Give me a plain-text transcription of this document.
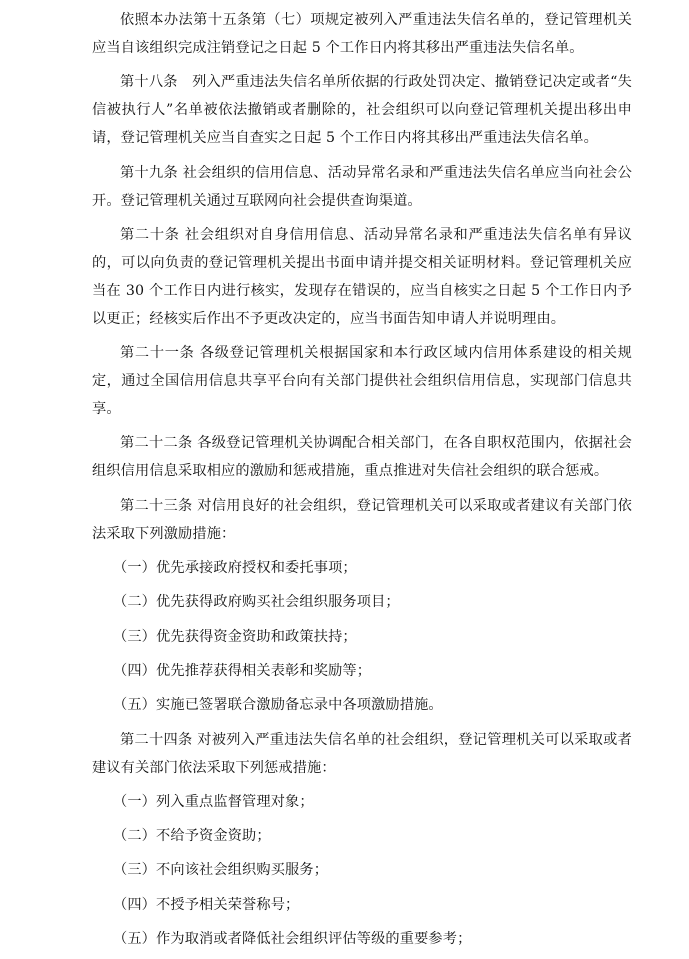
依照本办法第十五条第（七）项规定被列入严重违法失信名单的，登记管理机关应当自该组织完成注销登记之日起 5 个工作日内将其移出严重违法失信名单。

第十八条　列入严重违法失信名单所依据的行政处罚决定、撤销登记决定或者“失信被执行人”名单被依法撤销或者删除的，社会组织可以向登记管理机关提出移出申请，登记管理机关应当自查实之日起 5 个工作日内将其移出严重违法失信名单。

第十九条 社会组织的信用信息、活动异常名录和严重违法失信名单应当向社会公开。登记管理机关通过互联网向社会提供查询渠道。

第二十条 社会组织对自身信用信息、活动异常名录和严重违法失信名单有异议的，可以向负责的登记管理机关提出书面申请并提交相关证明材料。登记管理机关应当在 30 个工作日内进行核实，发现存在错误的，应当自核实之日起 5 个工作日内予以更正；经核实后作出不予更改决定的，应当书面告知申请人并说明理由。

第二十一条 各级登记管理机关根据国家和本行政区域内信用体系建设的相关规定，通过全国信用信息共享平台向有关部门提供社会组织信用信息，实现部门信息共享。

第二十二条 各级登记管理机关协调配合相关部门，在各自职权范围内，依据社会组织信用信息采取相应的激励和惩戒措施，重点推进对失信社会组织的联合惩戒。

第二十三条 对信用良好的社会组织，登记管理机关可以采取或者建议有关部门依法采取下列激励措施：

（一）优先承接政府授权和委托事项；

（二）优先获得政府购买社会组织服务项目；

（三）优先获得资金资助和政策扶持；

（四）优先推荐获得相关表彰和奖励等；

（五）实施已签署联合激励备忘录中各项激励措施。

第二十四条 对被列入严重违法失信名单的社会组织，登记管理机关可以采取或者建议有关部门依法采取下列惩戒措施：

（一）列入重点监督管理对象；

（二）不给予资金资助；

（三）不向该社会组织购买服务；

（四）不授予相关荣誉称号；

（五）作为取消或者降低社会组织评估等级的重要参考；
